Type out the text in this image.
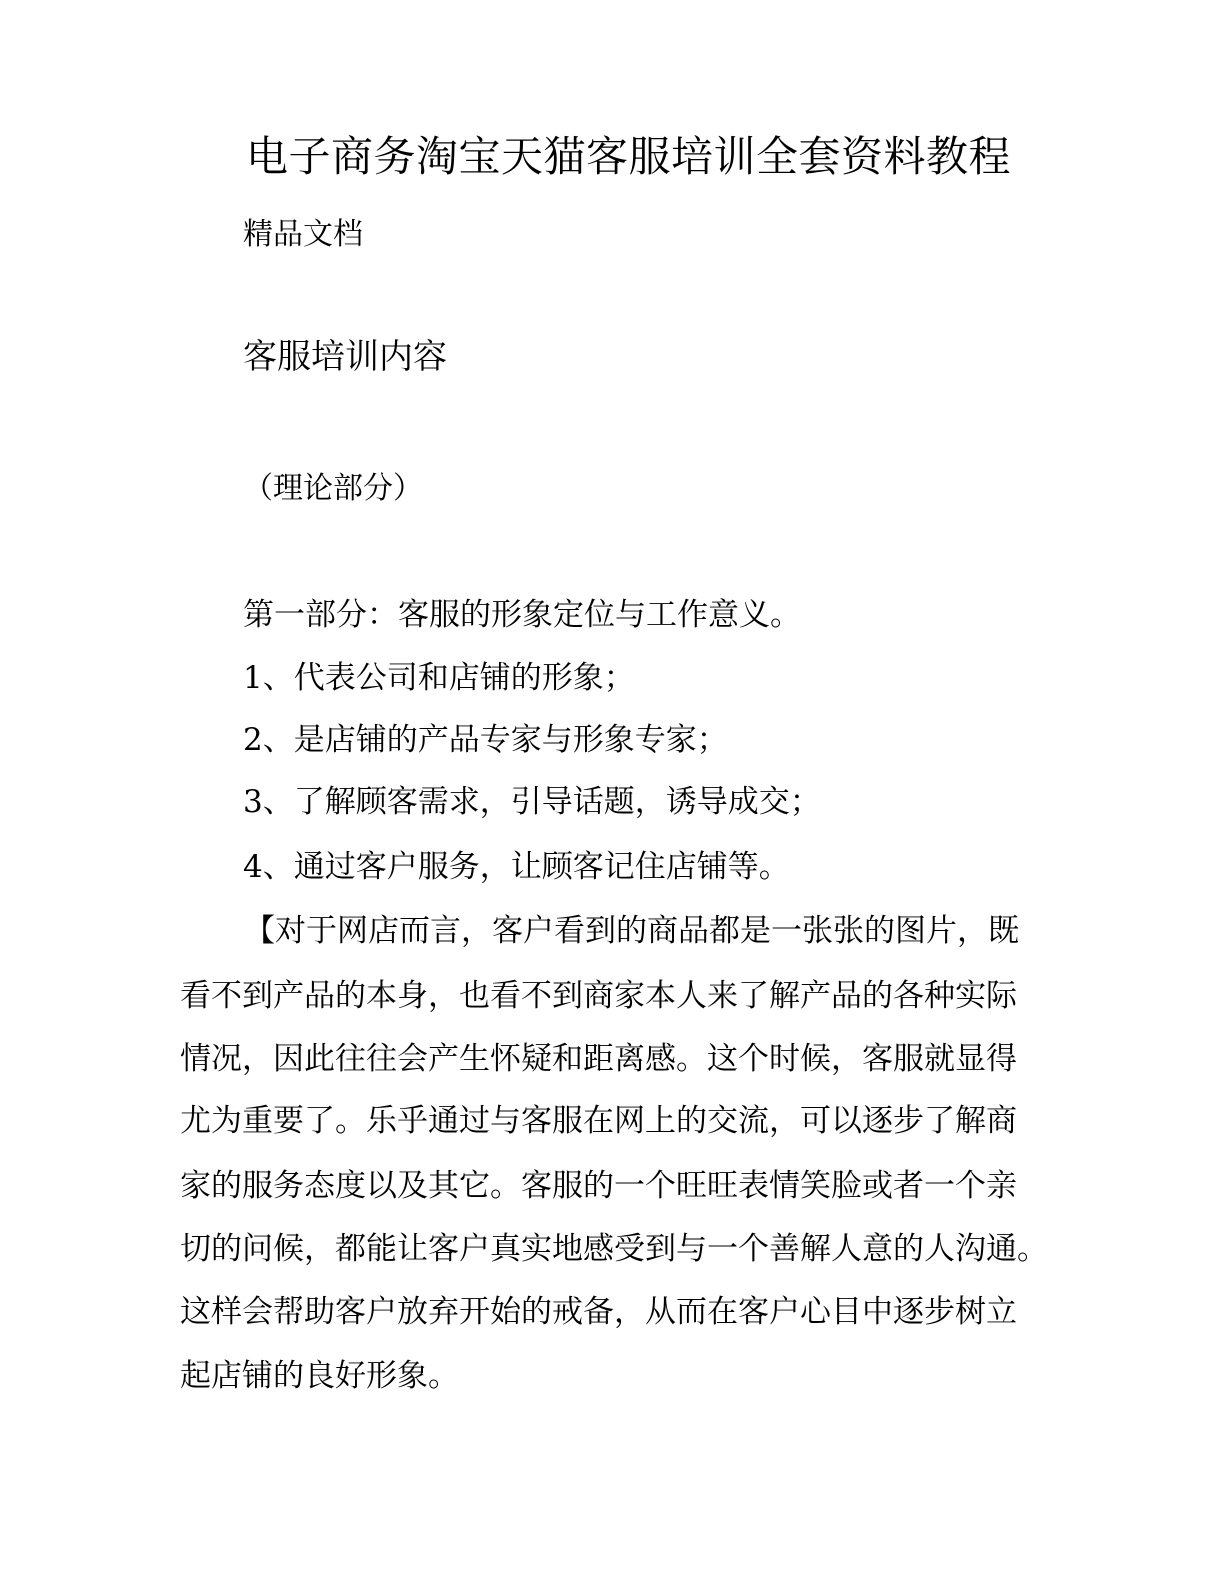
电子商务淘宝天猫客服培训全套资料教程
精品文档
客服培训内容
（理论部分）
第一部分：客服的形象定位与工作意义。
1、代表公司和店铺的形象；
2、是店铺的产品专家与形象专家；
3、了解顾客需求，引导话题，诱导成交；
4、通过客户服务，让顾客记住店铺等。
【对于网店而言，客户看到的商品都是一张张的图片，既
看不到产品的本身，也看不到商家本人来了解产品的各种实际
情况，因此往往会产生怀疑和距离感。这个时候，客服就显得
尤为重要了。乐乎通过与客服在网上的交流，可以逐步了解商
家的服务态度以及其它。客服的一个旺旺表情笑脸或者一个亲
切的问候，都能让客户真实地感受到与一个善解人意的人沟通。
这样会帮助客户放弃开始的戒备，从而在客户心目中逐步树立
起店铺的良好形象。
